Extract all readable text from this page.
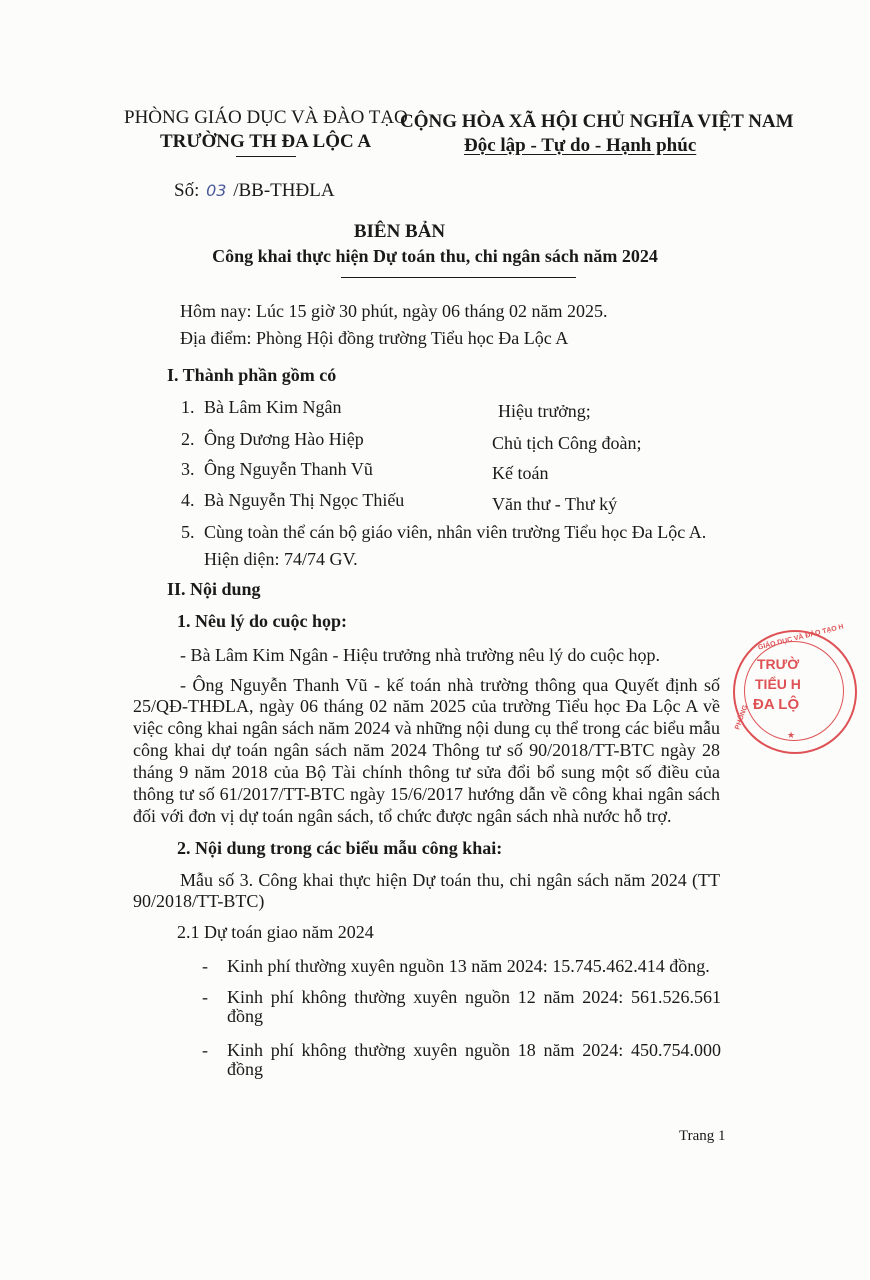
PHÒNG GIÁO DỤC VÀ ĐÀO TẠO
TRƯỜNG TH ĐA LỘC A
CỘNG HÒA XÃ HỘI CHỦ NGHĨA VIỆT NAM
Độc lập - Tự do - Hạnh phúc
Số: 03 /BB-THĐLA
BIÊN BẢN
Công khai thực hiện Dự toán thu, chi ngân sách năm 2024
Hôm nay: Lúc 15 giờ 30 phút, ngày 06 tháng 02 năm 2025.
Địa điểm: Phòng Hội đồng trường Tiểu học Đa Lộc A
I. Thành phần gồm có
1. Bà Lâm Kim Ngân	Hiệu trưởng;
2. Ông Dương Hào Hiệp	Chủ tịch Công đoàn;
3. Ông Nguyễn Thanh Vũ	Kế toán
4. Bà Nguyễn Thị Ngọc Thiếu	Văn thư - Thư ký
5. Cùng toàn thể cán bộ giáo viên, nhân viên trường Tiểu học Đa Lộc A.
Hiện diện: 74/74 GV.
II. Nội dung
1. Nêu lý do cuộc họp:
- Bà Lâm Kim Ngân - Hiệu trưởng nhà trường nêu lý do cuộc họp.
- Ông Nguyễn Thanh Vũ - kế toán nhà trường thông qua Quyết định số
25/QĐ-THĐLA, ngày 06 tháng 02 năm 2025 của trường Tiểu học Đa Lộc A về
việc công khai ngân sách năm 2024 và những nội dung cụ thể trong các biểu mẫu
công khai dự toán ngân sách năm 2024 Thông tư số 90/2018/TT-BTC ngày 28
tháng 9 năm 2018 của Bộ Tài chính thông tư sửa đổi bổ sung một số điều của
thông tư số 61/2017/TT-BTC ngày 15/6/2017 hướng dẫn về công khai ngân sách
đối với đơn vị dự toán ngân sách, tổ chức được ngân sách nhà nước hỗ trợ.
2. Nội dung trong các biểu mẫu công khai:
Mẫu số 3. Công khai thực hiện Dự toán thu, chi ngân sách năm 2024 (TT
90/2018/TT-BTC)
2.1 Dự toán giao năm 2024
- Kinh phí thường xuyên nguồn 13 năm 2024: 15.745.462.414 đồng.
- Kinh phí không thường xuyên nguồn 12 năm 2024: 561.526.561
đồng
- Kinh phí không thường xuyên nguồn 18 năm 2024: 450.754.000
đồng
GIÁO DỤC VÀ ĐÀO TẠO H
PHÒNG
TRƯỜ
TIỂU H
ĐA LỘ
★
Trang 1
